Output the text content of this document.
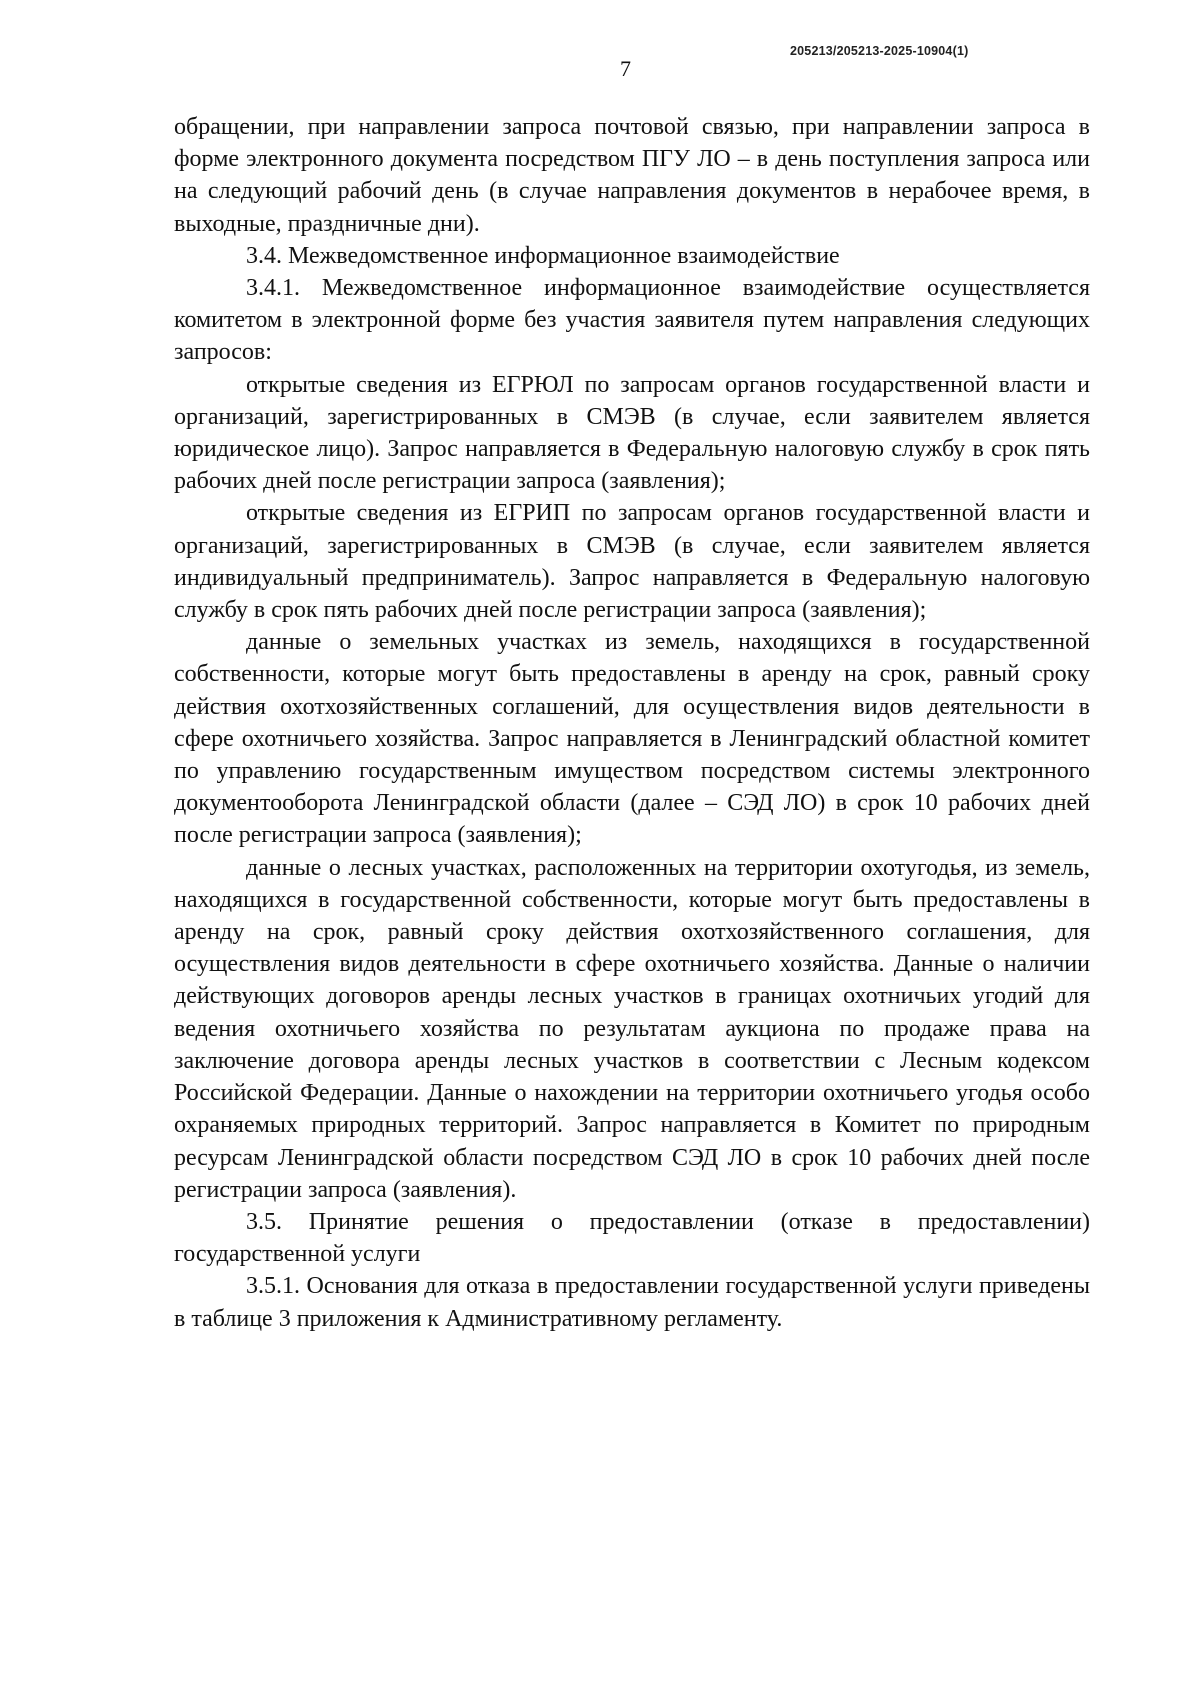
205213/205213-2025-10904(1)
7

обращении, при направлении запроса почтовой связью, при направлении запроса в форме электронного документа посредством ПГУ ЛО – в день поступления запроса или на следующий рабочий день (в случае направления документов в нерабочее время, в выходные, праздничные дни).

3.4. Межведомственное информационное взаимодействие

3.4.1. Межведомственное информационное взаимодействие осуществляется комитетом в электронной форме без участия заявителя путем направления следующих запросов:

открытые сведения из ЕГРЮЛ по запросам органов государственной власти и организаций, зарегистрированных в СМЭВ (в случае, если заявителем является юридическое лицо). Запрос направляется в Федеральную налоговую службу в срок пять рабочих дней после регистрации запроса (заявления);

открытые сведения из ЕГРИП по запросам органов государственной власти и организаций, зарегистрированных в СМЭВ (в случае, если заявителем является индивидуальный предприниматель). Запрос направляется в Федеральную налоговую службу в срок пять рабочих дней после регистрации запроса (заявления);

данные о земельных участках из земель, находящихся в государственной собственности, которые могут быть предоставлены в аренду на срок, равный сроку действия охотхозяйственных соглашений, для осуществления видов деятельности в сфере охотничьего хозяйства. Запрос направляется в Ленинградский областной комитет по управлению государственным имуществом посредством системы электронного документооборота Ленинградской области (далее – СЭД ЛО) в срок 10 рабочих дней после регистрации запроса (заявления);

данные о лесных участках, расположенных на территории охотугодья, из земель, находящихся в государственной собственности, которые могут быть предоставлены в аренду на срок, равный сроку действия охотхозяйственного соглашения, для осуществления видов деятельности в сфере охотничьего хозяйства. Данные о наличии действующих договоров аренды лесных участков в границах охотничьих угодий для ведения охотничьего хозяйства по результатам аукциона по продаже права на заключение договора аренды лесных участков в соответствии с Лесным кодексом Российской Федерации. Данные о нахождении на территории охотничьего угодья особо охраняемых природных территорий. Запрос направляется в Комитет по природным ресурсам Ленинградской области посредством СЭД ЛО в срок 10 рабочих дней после регистрации запроса (заявления).

3.5. Принятие решения о предоставлении (отказе в предоставлении) государственной услуги

3.5.1. Основания для отказа в предоставлении государственной услуги приведены в таблице 3 приложения к Административному регламенту.
